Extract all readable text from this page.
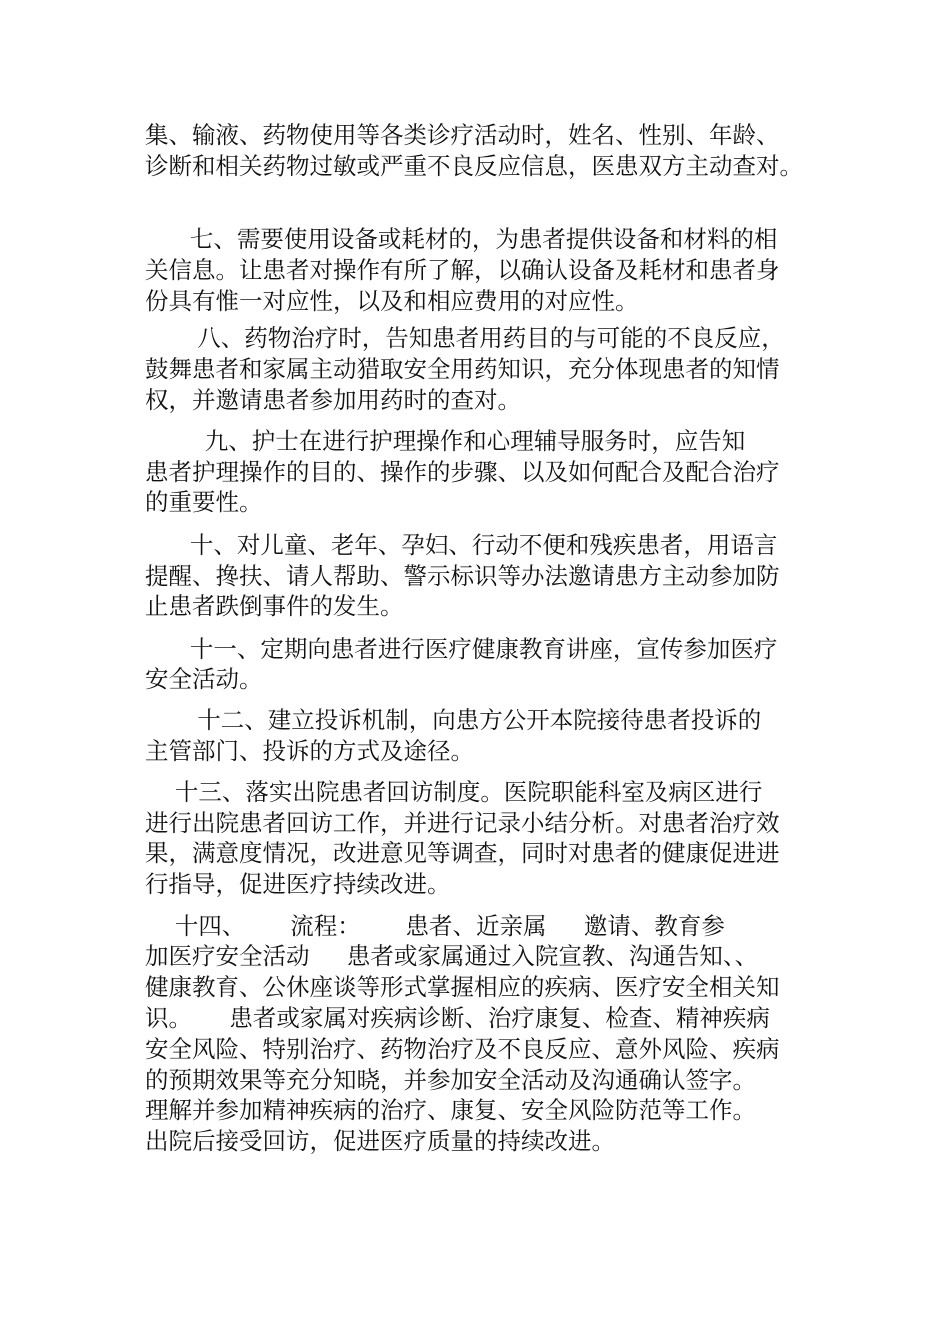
集、输液、药物使用等各类诊疗活动时，姓名、性别、年龄、
诊断和相关药物过敏或严重不良反应信息，医患双方主动查对。
七、需要使用设备或耗材的，为患者提供设备和材料的相
关信息。让患者对操作有所了解，以确认设备及耗材和患者身
份具有惟一对应性，以及和相应费用的对应性。
八、药物治疗时，告知患者用药目的与可能的不良反应，
鼓舞患者和家属主动猎取安全用药知识，充分体现患者的知情
权，并邀请患者参加用药时的查对。
九、护士在进行护理操作和心理辅导服务时，应告知
患者护理操作的目的、操作的步骤、以及如何配合及配合治疗
的重要性。
十、对儿童、老年、孕妇、行动不便和残疾患者，用语言
提醒、搀扶、请人帮助、警示标识等办法邀请患方主动参加防
止患者跌倒事件的发生。
十一、定期向患者进行医疗健康教育讲座，宣传参加医疗
安全活动。
十二、建立投诉机制，向患方公开本院接待患者投诉的
主管部门、投诉的方式及途径。
十三、落实出院患者回访制度。医院职能科室及病区进行
进行出院患者回访工作，并进行记录小结分析。对患者治疗效
果，满意度情况，改进意见等调查，同时对患者的健康促进进
行指导，促进医疗持续改进。
十四、      流程：      患者、近亲属     邀请、教育参
加医疗安全活动     患者或家属通过入院宣教、沟通告知、、
健康教育、公休座谈等形式掌握相应的疾病、医疗安全相关知
识。     患者或家属对疾病诊断、治疗康复、检查、精神疾病
安全风险、特别治疗、药物治疗及不良反应、意外风险、疾病
的预期效果等充分知晓，并参加安全活动及沟通确认签字。
理解并参加精神疾病的治疗、康复、安全风险防范等工作。
出院后接受回访，促进医疗质量的持续改进。
